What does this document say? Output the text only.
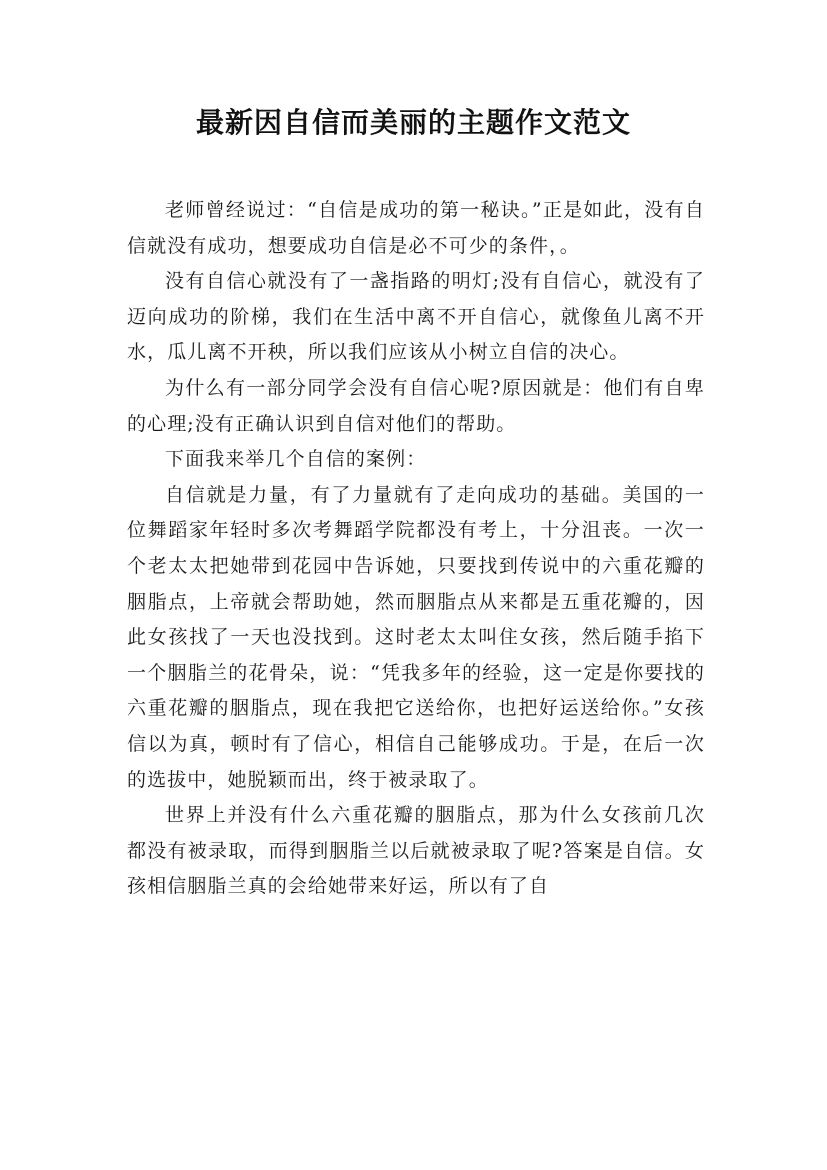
最新因自信而美丽的主题作文范文

老师曾经说过：“自信是成功的第一秘诀。”正是如此，没有自信就没有成功，想要成功自信是必不可少的条件，。

没有自信心就没有了一盏指路的明灯;没有自信心，就没有了迈向成功的阶梯，我们在生活中离不开自信心，就像鱼儿离不开水，瓜儿离不开秧，所以我们应该从小树立自信的决心。

为什么有一部分同学会没有自信心呢?原因就是：他们有自卑的心理;没有正确认识到自信对他们的帮助。

下面我来举几个自信的案例：

自信就是力量，有了力量就有了走向成功的基础。美国的一位舞蹈家年轻时多次考舞蹈学院都没有考上，十分沮丧。一次一个老太太把她带到花园中告诉她，只要找到传说中的六重花瓣的胭脂点，上帝就会帮助她，然而胭脂点从来都是五重花瓣的，因此女孩找了一天也没找到。这时老太太叫住女孩，然后随手掐下一个胭脂兰的花骨朵，说：“凭我多年的经验，这一定是你要找的六重花瓣的胭脂点，现在我把它送给你，也把好运送给你。”女孩信以为真，顿时有了信心，相信自己能够成功。于是，在后一次的选拔中，她脱颖而出，终于被录取了。

世界上并没有什么六重花瓣的胭脂点，那为什么女孩前几次都没有被录取，而得到胭脂兰以后就被录取了呢?答案是自信。女孩相信胭脂兰真的会给她带来好运，所以有了自
